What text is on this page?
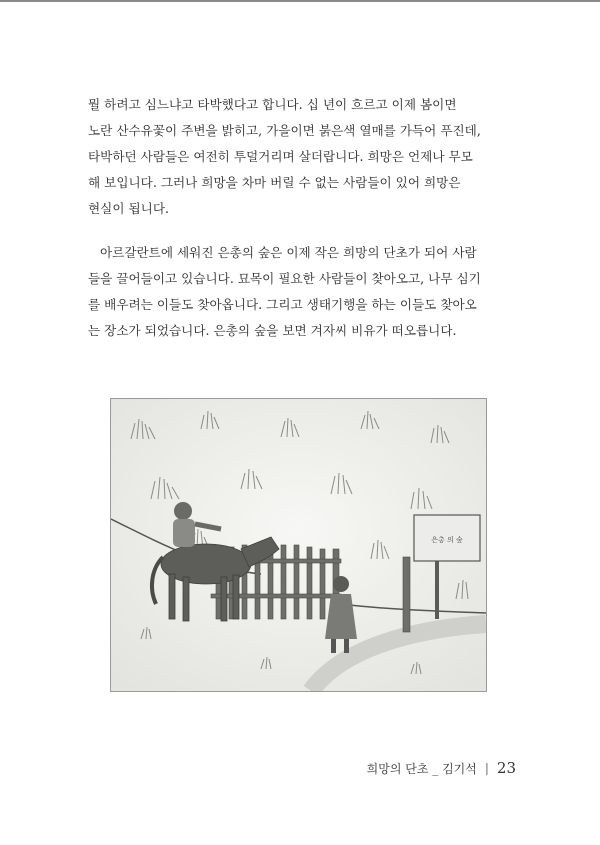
뭘 하려고 심느냐고 타박했다고 합니다. 십 년이 흐르고 이제 봄이면
노란 산수유꽃이 주변을 밝히고, 가을이면 붉은색 열매를 가득어 푸진데,
타박하던 사람들은 여전히 투덜거리며 살더랍니다. 희망은 언제나 무모
해 보입니다. 그러나 희망을 차마 버릴 수 없는 사람들이 있어 희망은
현실이 됩니다.
아르갈란트에 세워진 은총의 숲은 이제 작은 희망의 단초가 되어 사람
들을 끌어들이고 있습니다. 묘목이 필요한 사람들이 찾아오고, 나무 심기
를 배우려는 이들도 찾아옵니다. 그리고 생태기행을 하는 이들도 찾아오
는 장소가 되었습니다. 은총의 숲을 보면 겨자씨 비유가 떠오릅니다.
은총 의 숲
희망의 단초 _ 김기석 | 23
